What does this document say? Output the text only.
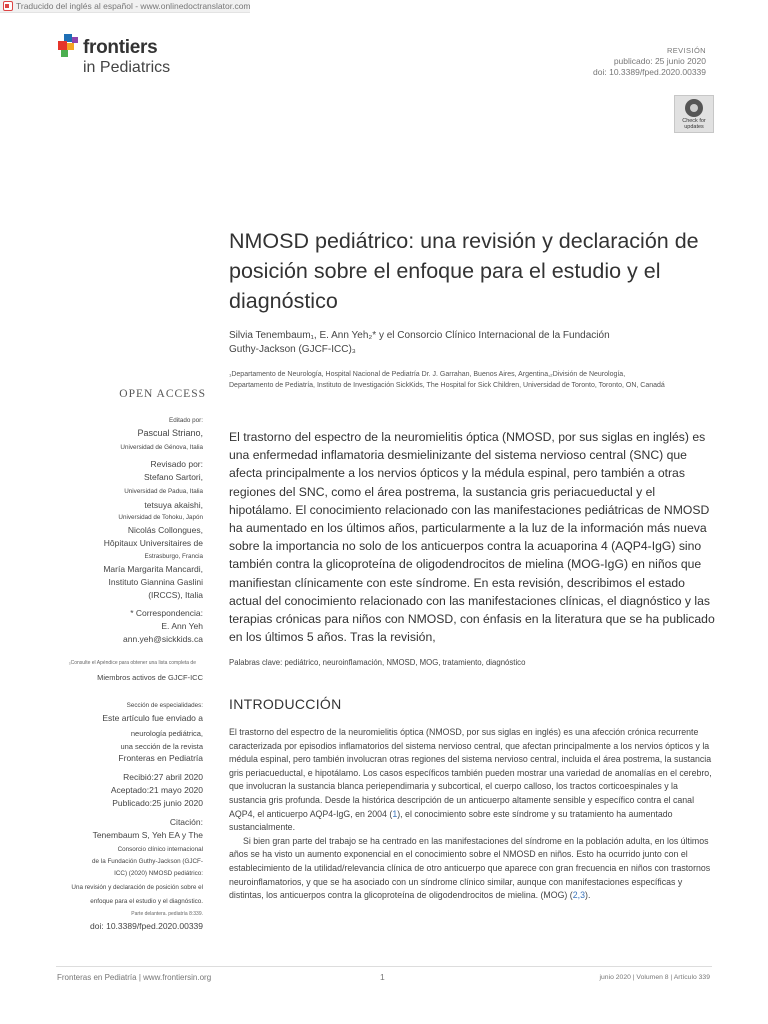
Traducido del inglés al español - www.onlinedoctranslator.com
frontiers
in Pediatrics
REVISIÓN
publicado: 25 junio 2020
doi: 10.3389/fped.2020.00339
Check for updates
NMOSD pediátrico: una revisión y declaración de posición sobre el enfoque para el estudio y el diagnóstico
Silvia Tenembaum₁, E. Ann Yeh₂* y el Consorcio Clínico Internacional de la Fundación
Guthy-Jackson (GJCF-ICC)₃
₁Departamento de Neurología, Hospital Nacional de Pediatría Dr. J. Garrahan, Buenos Aires, Argentina,₂División de Neurología,
Departamento de Pediatría, Instituto de Investigación SickKids, The Hospital for Sick Children, Universidad de Toronto, Toronto, ON, Canadá
OPEN ACCESS
Editado por:
Pascual Striano,
Universidad de Génova, Italia
Revisado por:
Stefano Sartori,
Universidad de Padua, Italia
tetsuya akaishi,
Universidad de Tohoku, Japón
Nicolás Collongues,
Hôpitaux Universitaires de
Estrasburgo, Francia
María Margarita Mancardi,
Instituto Giannina Gaslini
(IRCCS), Italia
* Correspondencia:
E. Ann Yeh
ann.yeh@sickkids.ca
₃Consulte el Apéndice para obtener una lista completa de
Miembros activos de GJCF-ICC
Sección de especialidades:
Este artículo fue enviado a
neurología pediátrica,
una sección de la revista
Fronteras en Pediatría
Recibió:27 abril 2020
Aceptado:21 mayo 2020
Publicado:25 junio 2020
Citación:
Tenembaum S, Yeh EA y The
Consorcio clínico internacional
de la Fundación Guthy-Jackson (GJCF-
ICC) (2020) NMOSD pediátrico:
Una revisión y declaración de posición sobre el
enfoque para el estudio y el diagnóstico.
Parte delantera. pediatría 8:339.
doi: 10.3389/fped.2020.00339
El trastorno del espectro de la neuromielitis óptica (NMOSD, por sus siglas en inglés) es una enfermedad inflamatoria desmielinizante del sistema nervioso central (SNC) que afecta principalmente a los nervios ópticos y la médula espinal, pero también a otras regiones del SNC, como el área postrema, la sustancia gris periacueductal y el hipotálamo. El conocimiento relacionado con las manifestaciones pediátricas de NMOSD ha aumentado en los últimos años, particularmente a la luz de la información más nueva sobre la importancia no solo de los anticuerpos contra la acuaporina 4 (AQP4-IgG) sino también contra la glicoproteína de oligodendrocitos de mielina (MOG-IgG) en niños que manifiestan clínicamente con este síndrome. En esta revisión, describimos el estado actual del conocimiento relacionado con las manifestaciones clínicas, el diagnóstico y las terapias crónicas para niños con NMOSD, con énfasis en la literatura que se ha publicado en los últimos 5 años. Tras la revisión,
Palabras clave: pediátrico, neuroinflamación, NMOSD, MOG, tratamiento, diagnóstico
INTRODUCCIÓN

El trastorno del espectro de la neuromielitis óptica (NMOSD, por sus siglas en inglés) es una afección crónica recurrente caracterizada por episodios inflamatorios del sistema nervioso central, que afectan principalmente a los nervios ópticos y la médula espinal, pero también involucran otras regiones del sistema nervioso central, incluida el área postrema, la sustancia gris periacueductal, e hipotálamo. Los casos específicos también pueden mostrar una variedad de anomalías en el cerebro, que involucran la sustancia blanca periependimaria y subcortical, el cuerpo calloso, los tractos corticoespinales y la sustancia gris profunda. Desde la histórica descripción de un anticuerpo altamente sensible y específico contra el canal AQP4, el anticuerpo AQP4-IgG, en 2004 (1), el conocimiento sobre este síndrome y su tratamiento ha aumentado sustancialmente.

Si bien gran parte del trabajo se ha centrado en las manifestaciones del síndrome en la población adulta, en los últimos años se ha visto un aumento exponencial en el conocimiento sobre el NMOSD en niños. Esto ha ocurrido junto con el establecimiento de la utilidad/relevancia clínica de otro anticuerpo que aparece con gran frecuencia en niños con trastornos neuroinflamatorios, y que se ha asociado con un síndrome clínico similar, aunque con manifestaciones específicas y distintas, los anticuerpos contra la glicoproteína de oligodendrocitos de mielina. (MOG) (2,3).

Fronteras en Pediatría | www.frontiersin.org	1	junio 2020 | Volumen 8 | Artículo 339
